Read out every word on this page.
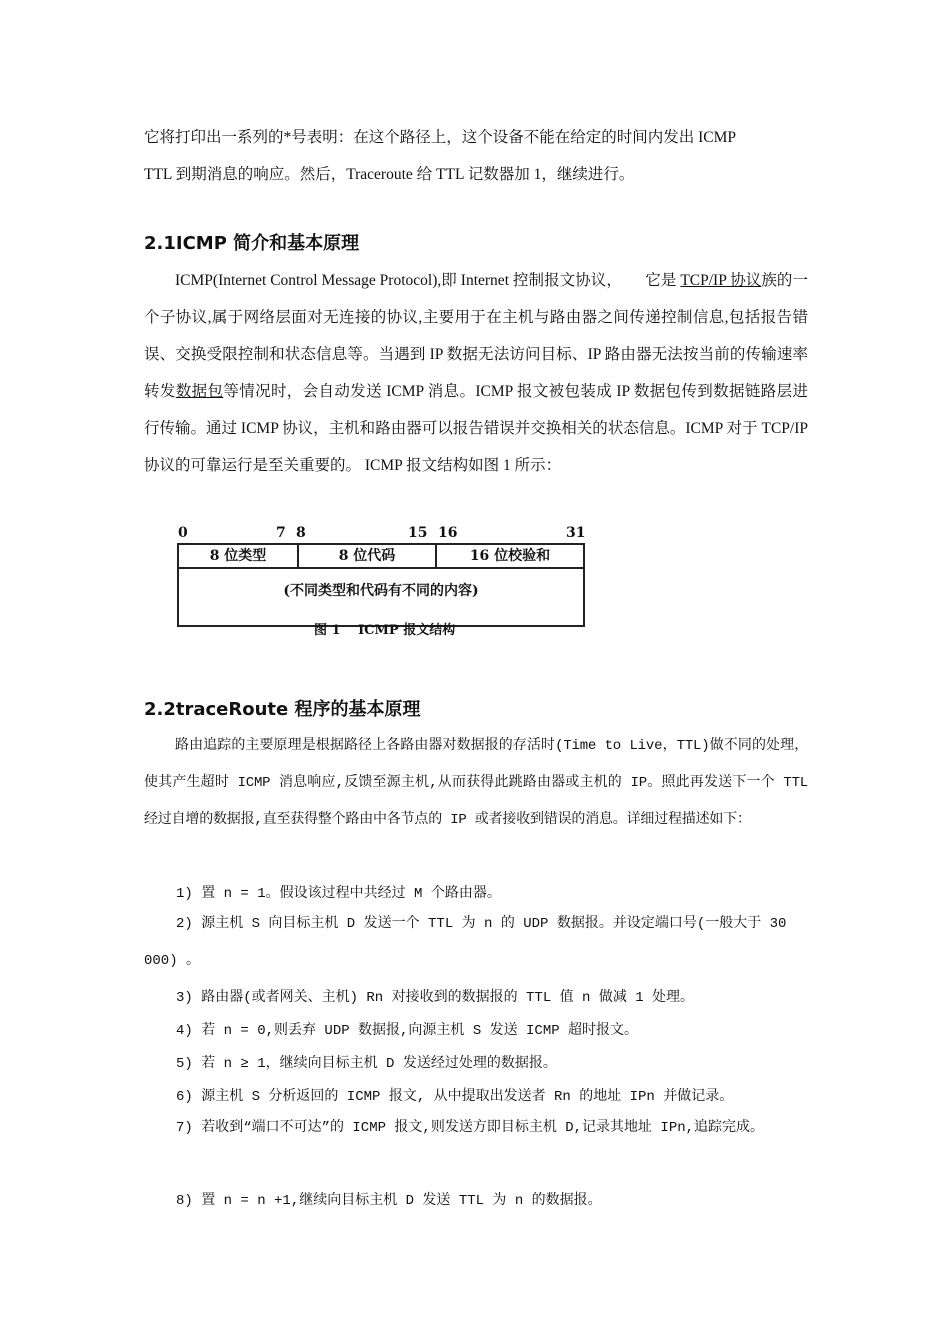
它将打印出一系列的*号表明：在这个路径上，这个设备不能在给定的时间内发出 ICMP
TTL 到期消息的响应。然后，Traceroute 给 TTL 记数器加 1，继续进行。

2.1ICMP 简介和基本原理

ICMP(Internet Control Message Protocol),即 Internet 控制报文协议，　　它是 TCP/IP 协议族的一个子协议,属于网络层面对无连接的协议,主要用于在主机与路由器之间传递控制信息,包括报告错误、交换受限控制和状态信息等。当遇到 IP 数据无法访问目标、IP 路由器无法按当前的传输速率转发数据包等情况时，会自动发送 ICMP 消息。ICMP 报文被包装成 IP 数据包传到数据链路层进行传输。通过 ICMP 协议，主机和路由器可以报告错误并交换相关的状态信息。ICMP 对于 TCP/IP 协议的可靠运行是至关重要的。 ICMP 报文结构如图 1 所示：

0	7 8	15 16	31
8 位类型	8 位代码	16 位校验和
(不同类型和代码有不同的内容)
图 1　 ICMP 报文结构
2.2traceRoute 程序的基本原理

路由追踪的主要原理是根据路径上各路由器对数据报的存活时(Time to Live，TTL)做不同的处理，使其产生超时 ICMP 消息响应,反馈至源主机,从而获得此跳路由器或主机的 IP。照此再发送下一个 TTL 经过自增的数据报,直至获得整个路由中各节点的 IP 或者接收到错误的消息。详细过程描述如下：

1) 置 n = 1。假设该过程中共经过 M 个路由器。

2) 源主机 S 向目标主机 D 发送一个 TTL 为 n 的 UDP 数据报。并设定端口号(一般大于 30 000) 。

3) 路由器(或者网关、主机) Rn 对接收到的数据报的 TTL 值 n 做减 1 处理。

4) 若 n = 0,则丢弃 UDP 数据报,向源主机 S 发送 ICMP 超时报文。

5) 若 n ≥ 1，继续向目标主机 D 发送经过处理的数据报。

6) 源主机 S 分析返回的 ICMP 报文, 从中提取出发送者 Rn 的地址 IPn 并做记录。

7) 若收到“端口不可达”的 ICMP 报文,则发送方即目标主机 D,记录其地址 IPn,追踪完成。

8) 置 n = n +1,继续向目标主机 D 发送 TTL 为 n 的数据报。
